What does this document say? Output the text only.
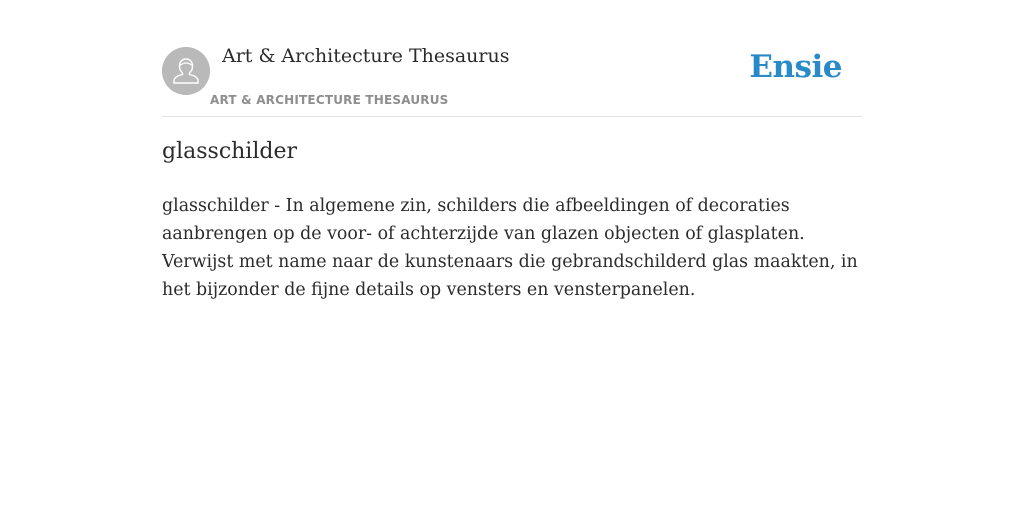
Art & Architecture Thesaurus
ART & ARCHITECTURE THESAURUS
Ensie
glasschilder

glasschilder - In algemene zin, schilders die afbeeldingen of decoraties aanbrengen op de voor- of achterzijde van glazen objecten of glasplaten. Verwijst met name naar de kunstenaars die gebrandschilderd glas maakten, in het bijzonder de fijne details op vensters en vensterpanelen.
